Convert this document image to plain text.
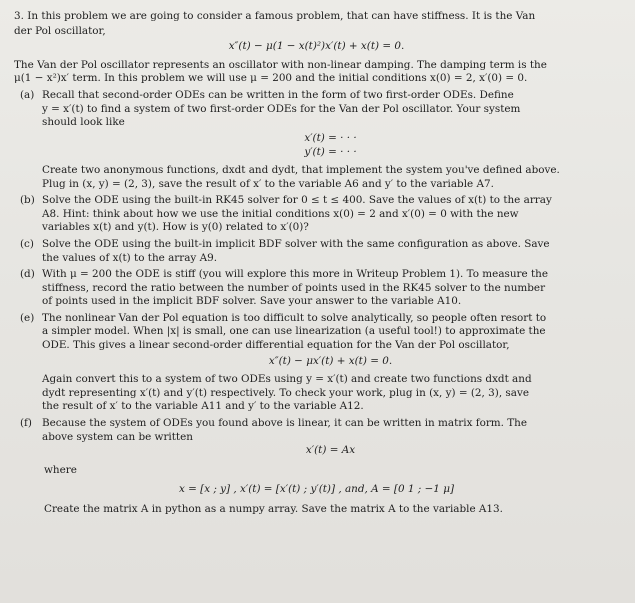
3. In this problem we are going to consider a famous problem, that can have stiffness. It is the Van

der Pol oscillator,

x″(t) − μ(1 − x(t)²)x′(t) + x(t) = 0.

The Van der Pol oscillator represents an oscillator with non-linear damping. The damping term is the

μ(1 − x²)x′ term. In this problem we will use μ = 200 and the initial conditions x(0) = 2, x′(0) = 0.

(a) Recall that second-order ODEs can be written in the form of two first-order ODEs. Define

y = x′(t) to find a system of two first-order ODEs for the Van der Pol oscillator. Your system

should look like

x′(t) = · · ·

y′(t) = · · ·

Create two anonymous functions, dxdt and dydt, that implement the system you've defined above.

Plug in (x, y) = (2, 3), save the result of x′ to the variable A6 and y′ to the variable A7.

(b) Solve the ODE using the built-in RK45 solver for 0 ≤ t ≤ 400. Save the values of x(t) to the array

A8. Hint: think about how we use the initial conditions x(0) = 2 and x′(0) = 0 with the new

variables x(t) and y(t). How is y(0) related to x′(0)?

(c) Solve the ODE using the built-in implicit BDF solver with the same configuration as above. Save

the values of x(t) to the array A9.

(d) With μ = 200 the ODE is stiff (you will explore this more in Writeup Problem 1). To measure the

stiffness, record the ratio between the number of points used in the RK45 solver to the number

of points used in the implicit BDF solver. Save your answer to the variable A10.

(e) The nonlinear Van der Pol equation is too difficult to solve analytically, so people often resort to

a simpler model. When |x| is small, one can use linearization (a useful tool!) to approximate the

ODE. This gives a linear second-order differential equation for the Van der Pol oscillator,

x″(t) − μx′(t) + x(t) = 0.

Again convert this to a system of two ODEs using y = x′(t) and create two functions dxdt and

dydt representing x′(t) and y′(t) respectively. To check your work, plug in (x, y) = (2, 3), save

the result of x′ to the variable A11 and y′ to the variable A12.

(f) Because the system of ODEs you found above is linear, it can be written in matrix form. The

above system can be written

x′(t) = Ax

where

x = [x ; y] , x′(t) = [x′(t) ; y′(t)] , and, A = [0 1 ; −1 μ]

Create the matrix A in python as a numpy array. Save the matrix A to the variable A13.
